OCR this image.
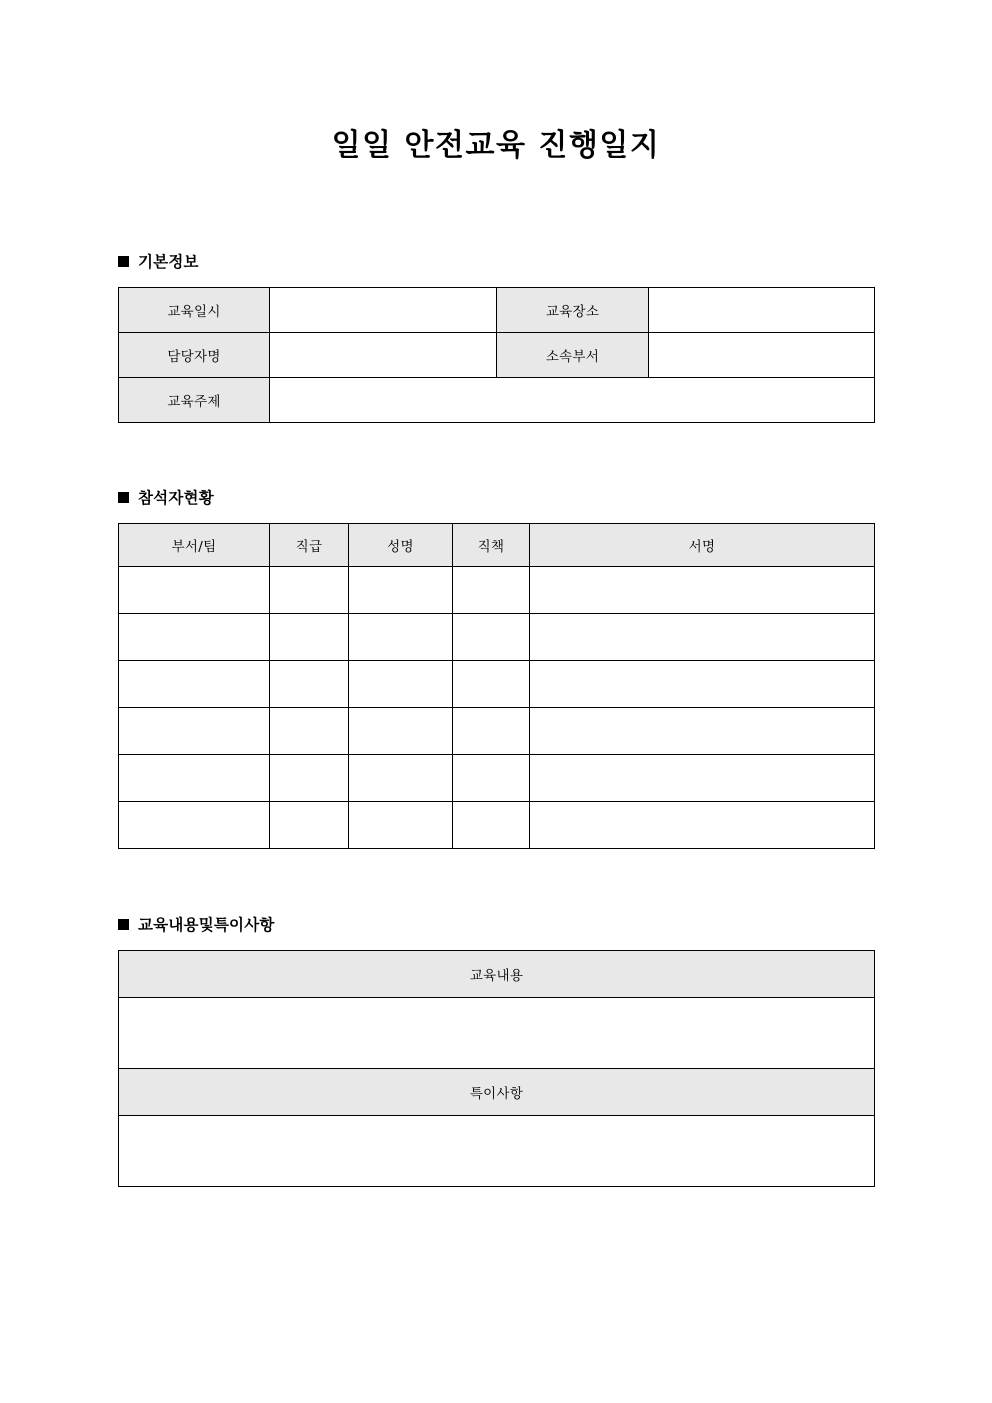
일일 안전교육 진행일지
기본정보
교육일시		교육장소	
담당자명		소속부서	
교육주제			
참석자현황
부서/팀	직급	성명	직책	서명

교육내용및특이사항
교육내용

특이사항
